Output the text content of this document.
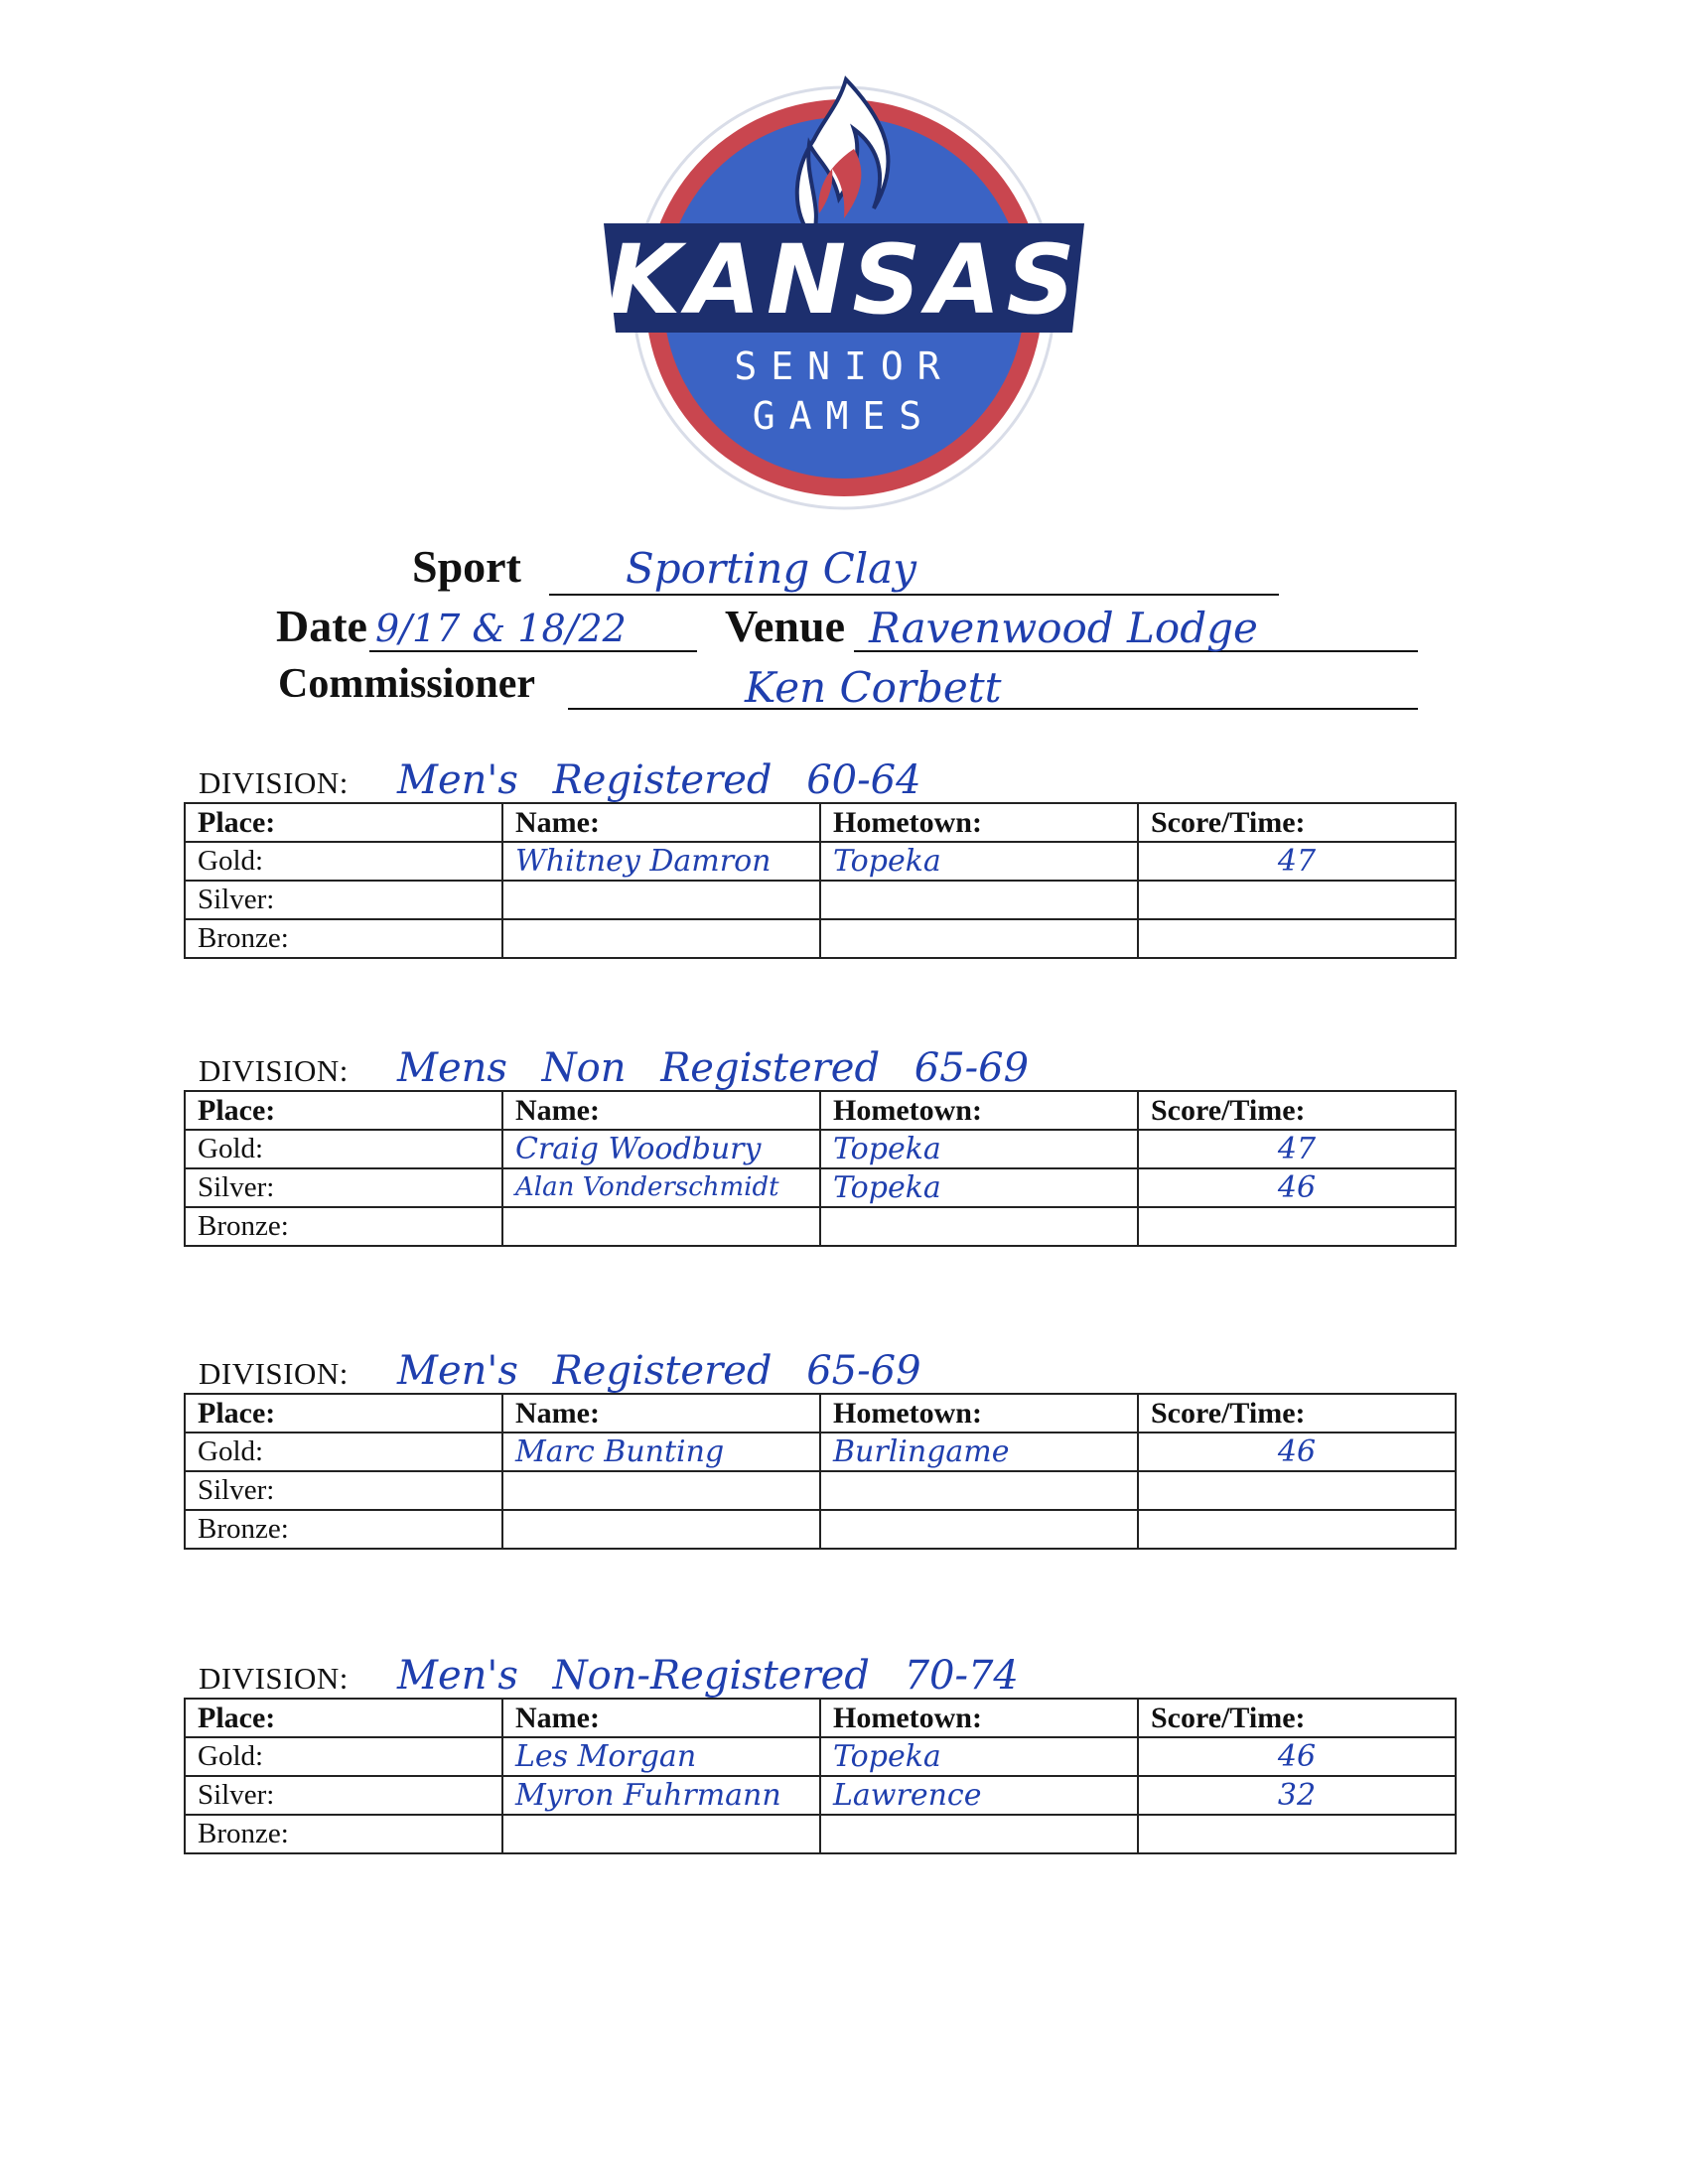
KANSAS
SENIOR
GAMES
Sport	Sporting Clay
Date 9/17 & 18/22 Venue Ravenwood Lodge
Commissioner	Ken Corbett
DIVISION: Men's Registered 60-64
Place:	Name:	Hometown:	Score/Time:
Gold:	Whitney Damron	Topeka	47
Silver:			
Bronze:			
DIVISION: Mens Non Registered 65-69
Place:	Name:	Hometown:	Score/Time:
Gold:	Craig Woodbury	Topeka	47
Silver:	Alan Vonderschmidt	Topeka	46
Bronze:			
DIVISION: Men's Registered 65-69
Place:	Name:	Hometown:	Score/Time:
Gold:	Marc Bunting	Burlingame	46
Silver:			
Bronze:			
DIVISION: Men's Non-Registered 70-74
Place:	Name:	Hometown:	Score/Time:
Gold:	Les Morgan	Topeka	46
Silver:	Myron Fuhrmann	Lawrence	32
Bronze:			
